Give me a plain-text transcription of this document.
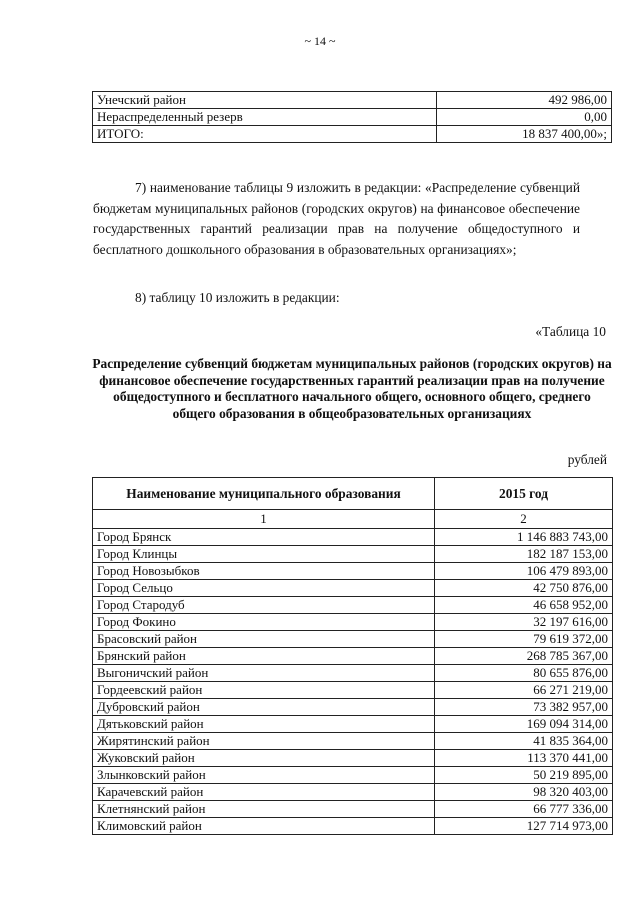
~ 14 ~
Унечский район	492 986,00
Нераспределенный резерв	0,00
ИТОГО:	18 837 400,00»;
7) наименование таблицы 9 изложить в редакции: «Распределение субвенций бюджетам муниципальных районов (городских округов) на финансовое обеспечение государственных гарантий реализации прав на получение общедоступного и бесплатного дошкольного образования в образовательных организациях»;
8) таблицу 10 изложить в редакции:
«Таблица 10
Распределение субвенций бюджетам муниципальных районов (городских округов) на финансовое обеспечение государственных гарантий реализации прав на получение общедоступного и бесплатного начального общего, основного общего, среднего общего образования в общеобразовательных организациях
рублей
Наименование муниципального образования	2015 год
1	2
Город Брянск	1 146 883 743,00
Город Клинцы	182 187 153,00
Город Новозыбков	106 479 893,00
Город Сельцо	42 750 876,00
Город Стародуб	46 658 952,00
Город Фокино	32 197 616,00
Брасовский район	79 619 372,00
Брянский район	268 785 367,00
Выгоничский район	80 655 876,00
Гордеевский район	66 271 219,00
Дубровский район	73 382 957,00
Дятьковский район	169 094 314,00
Жирятинский район	41 835 364,00
Жуковский район	113 370 441,00
Злынковский район	50 219 895,00
Карачевский район	98 320 403,00
Клетнянский район	66 777 336,00
Климовский район	127 714 973,00
